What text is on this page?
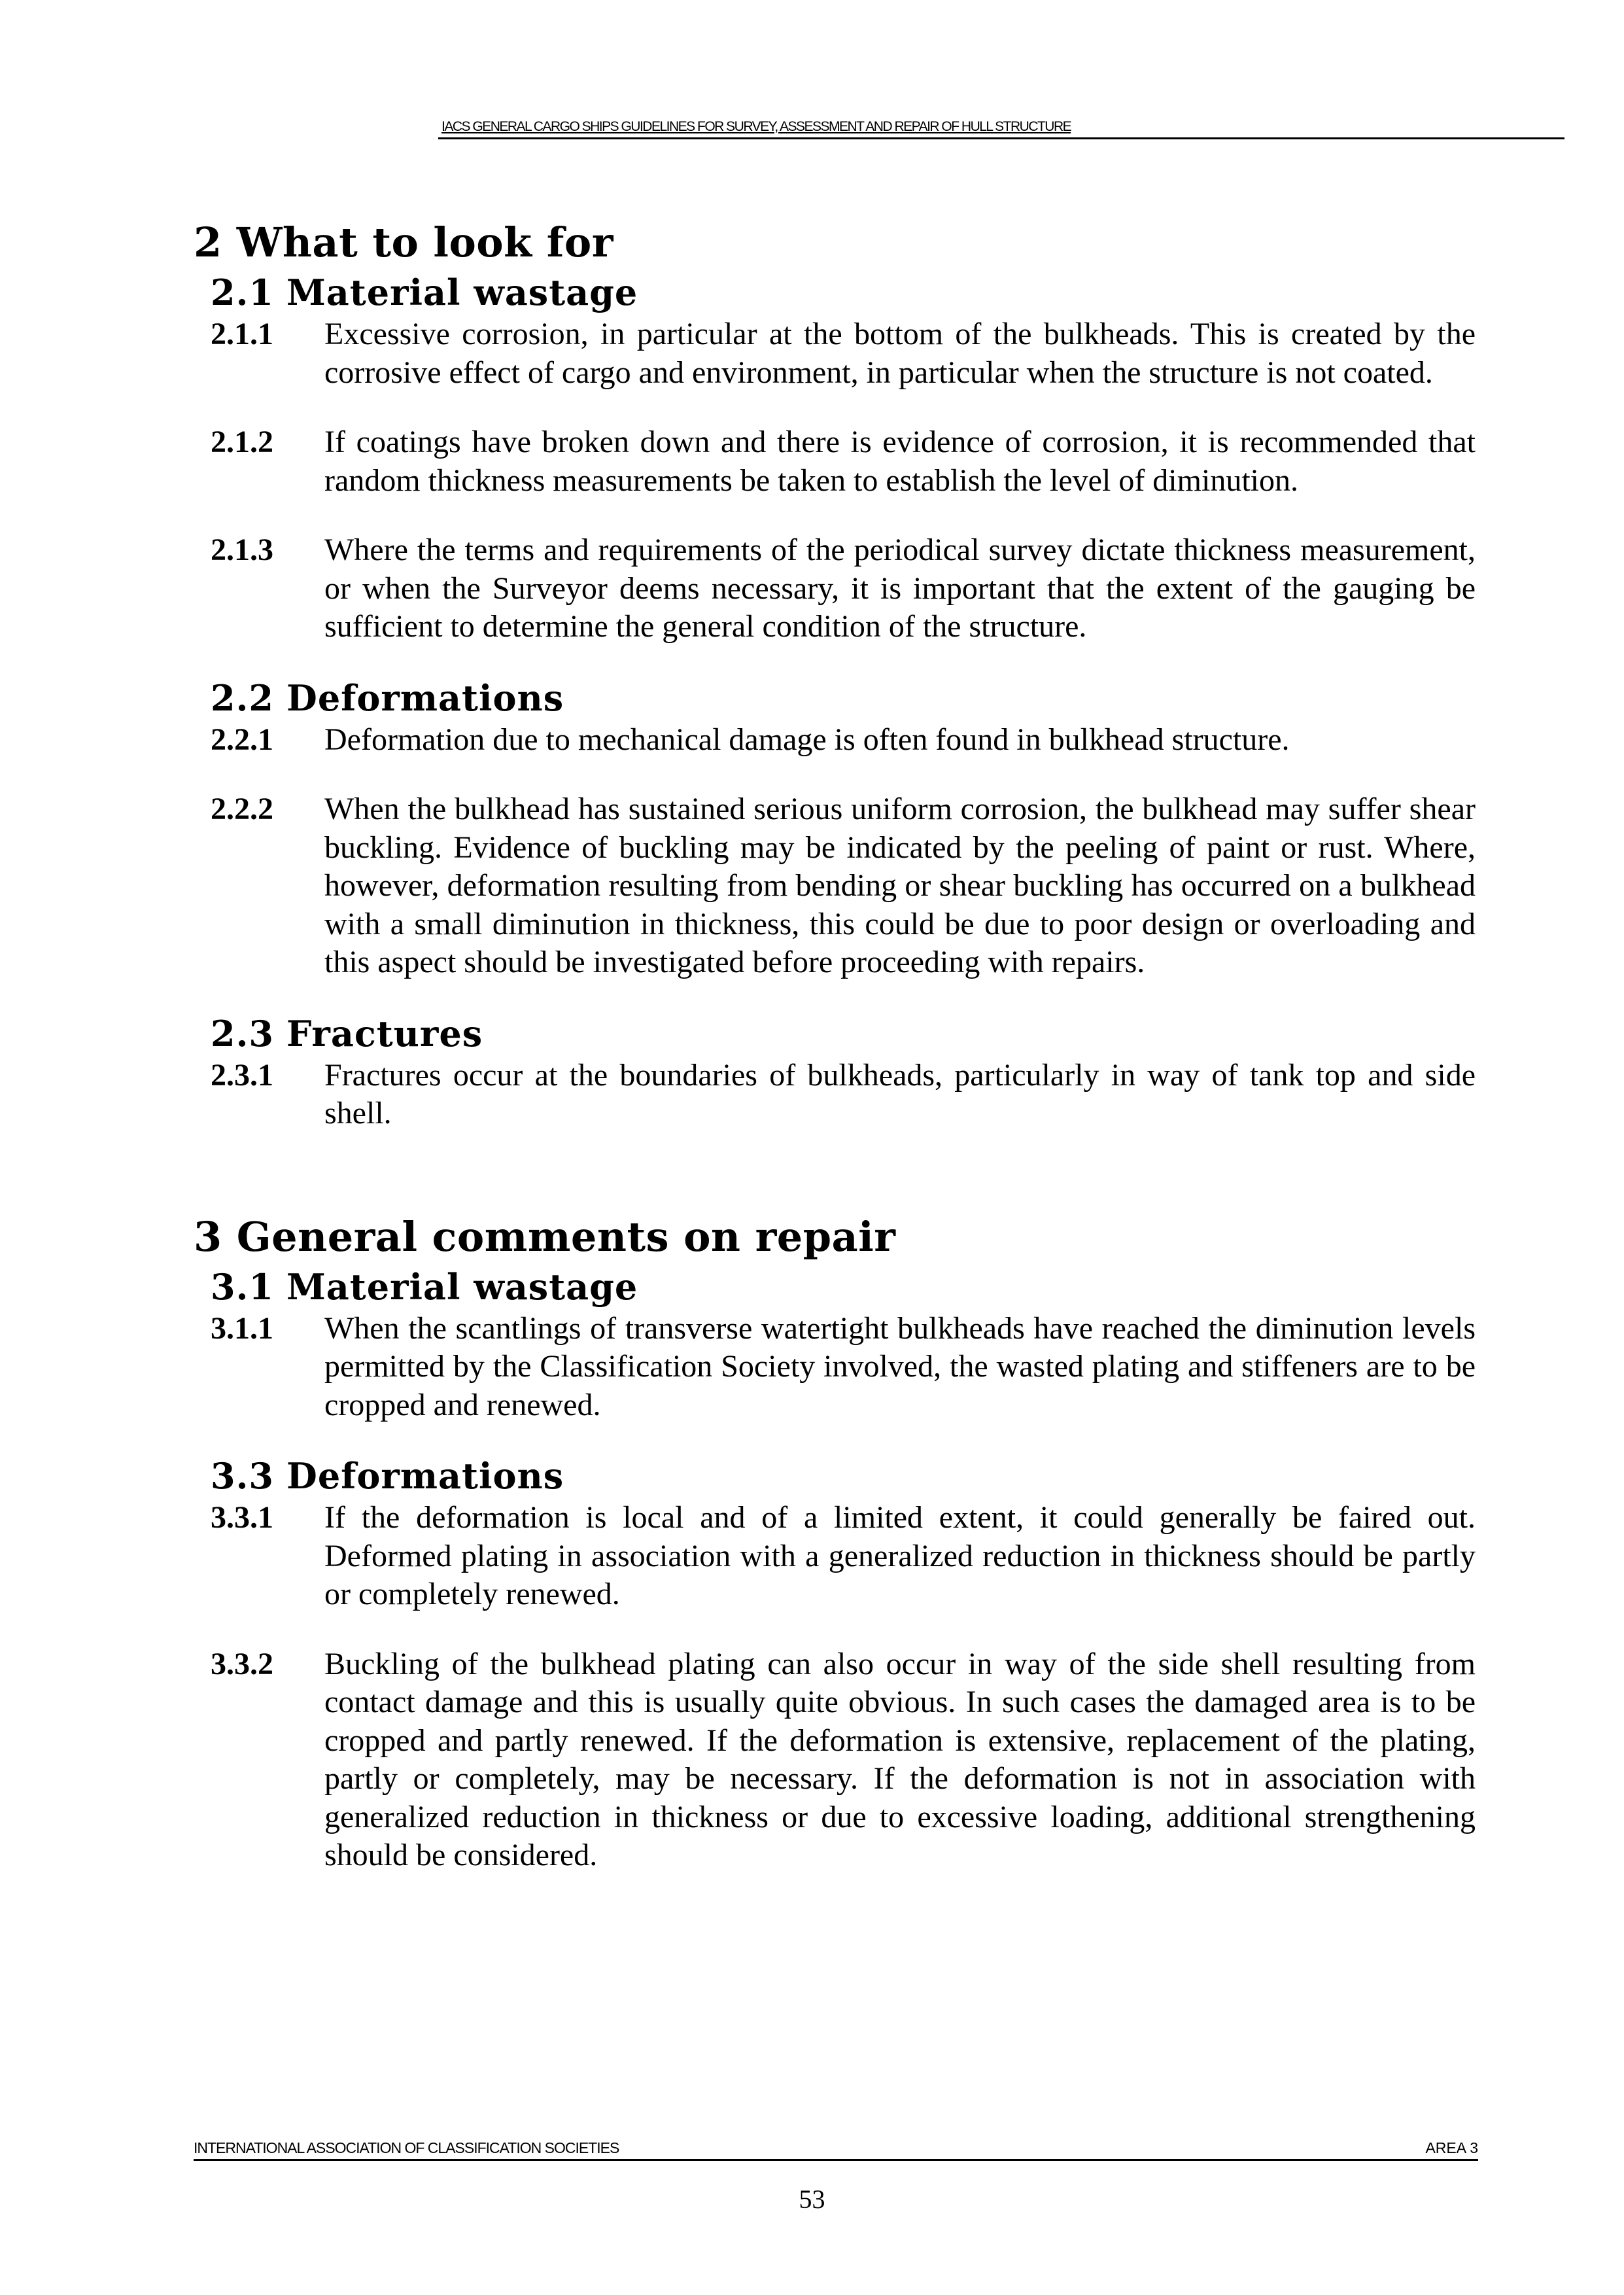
IACS GENERAL CARGO SHIPS GUIDELINES FOR SURVEY, ASSESSMENT AND REPAIR OF HULL STRUCTURE
2 What to look for
2.1 Material wastage
2.1.1	Excessive corrosion, in particular at the bottom of the bulkheads. This is created by the corrosive effect of cargo and environment, in particular when the structure is not coated.
2.1.2	If coatings have broken down and there is evidence of corrosion, it is recommended that random thickness measurements be taken to establish the level of diminution.
2.1.3	Where the terms and requirements of the periodical survey dictate thickness measurement, or when the Surveyor deems necessary, it is important that the extent of the gauging be sufficient to determine the general condition of the structure.
2.2 Deformations
2.2.1	Deformation due to mechanical damage is often found in bulkhead structure.
2.2.2	When the bulkhead has sustained serious uniform corrosion, the bulkhead may suffer shear buckling. Evidence of buckling may be indicated by the peeling of paint or rust. Where, however, deformation resulting from bending or shear buckling has occurred on a bulkhead with a small diminution in thickness, this could be due to poor design or overloading and this aspect should be investigated before proceeding with repairs.
2.3 Fractures
2.3.1	Fractures occur at the boundaries of bulkheads, particularly in way of tank top and side shell.
3 General comments on repair
3.1 Material wastage
3.1.1	When the scantlings of transverse watertight bulkheads have reached the diminution levels permitted by the Classification Society involved, the wasted plating and stiffeners are to be cropped and renewed.
3.3 Deformations
3.3.1	If the deformation is local and of a limited extent, it could generally be faired out. Deformed plating in association with a generalized reduction in thickness should be partly or completely renewed.
3.3.2	Buckling of the bulkhead plating can also occur in way of the side shell resulting from contact damage and this is usually quite obvious. In such cases the damaged area is to be cropped and partly renewed. If the deformation is extensive, replacement of the plating, partly or completely, may be necessary. If the deformation is not in association with generalized reduction in thickness or due to excessive loading, additional strengthening should be considered.
INTERNATIONAL ASSOCIATION OF CLASSIFICATION SOCIETIES	AREA 3
53
